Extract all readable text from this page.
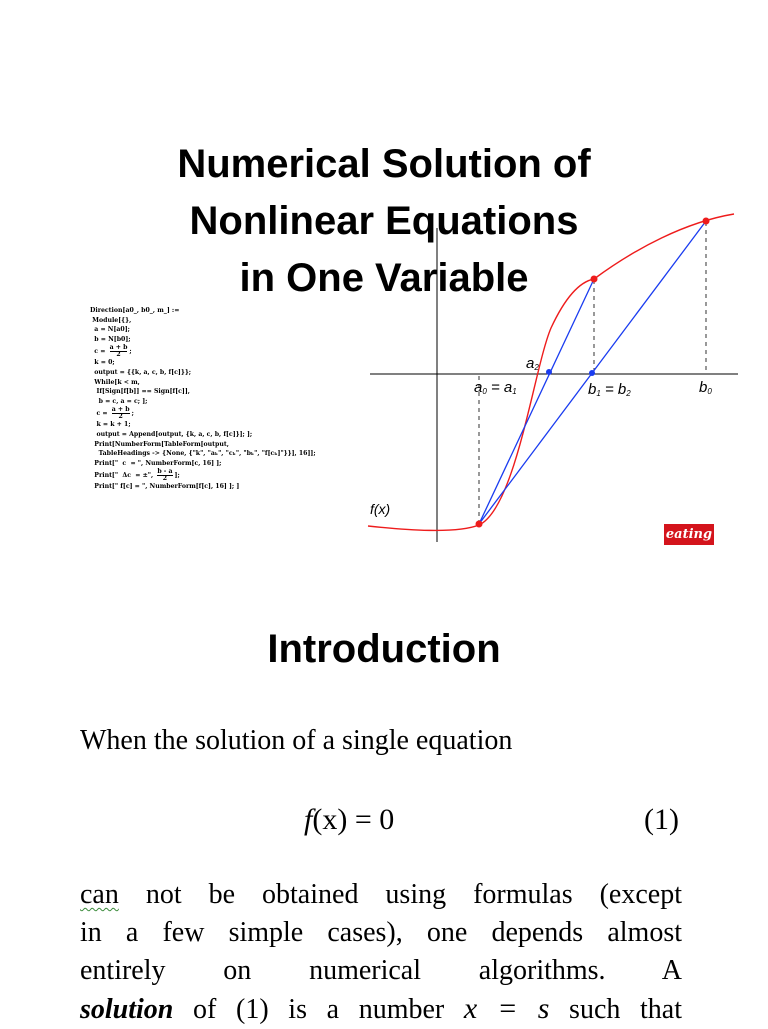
Numerical Solution of
Nonlinear Equations
in One Variable

Direction[a0_, b0_, m_] :=
Module[{},
a = N[a0];
b = N[b0];
$c = \frac{a + b}{2}$ ;
k = 0;
output = {{k, a, c, b, f[c]}};
While[k < m,
If[Sign[f[b]] == Sign[f[c]],
b = c, a = c; ];
$c = \frac{a + b}{2}$ ;
k = k + 1;
output = Append[output, {k, a, c, b, f[c]}]; ];
Print[NumberForm[TableForm[output,
TableHeadings -> {None, {"k", "aₖ", "cₖ", "bₖ", "f[cₖ]"}}], 16]];
Print["  c  = ", NumberForm[c, 16] ];
Print["  Δc  = ±", $\frac{b - a}{2}$ ];
Print[" f[c] = ", NumberForm[f[c], 16] ]; ]

a2
a0 = a1	b1 = b2	b0
f(x)
eating
Introduction
When the solution of a single equation
f(x) = 0	(1)
can not be obtained using formulas (except
in a few simple cases), one depends almost
entirely on numerical algorithms. A
solution of (1) is a number x = s such that
